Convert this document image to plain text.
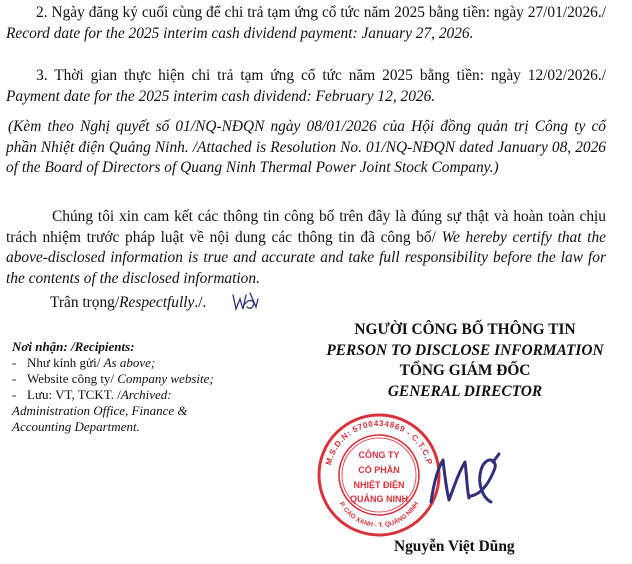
2. Ngày đăng ký cuối cùng để chi trả tạm ứng cổ tức năm 2025 bằng tiền: ngày 27/01/2026./ Record date for the 2025 interim cash dividend payment: January 27, 2026.
3. Thời gian thực hiện chi trả tạm ứng cổ tức năm 2025 bằng tiền: ngày 12/02/2026./ Payment date for the 2025 interim cash dividend: February 12, 2026.
(Kèm theo Nghị quyết số 01/NQ-NĐQN ngày 08/01/2026 của Hội đồng quản trị Công ty cổ phần Nhiệt điện Quảng Ninh. /Attached is Resolution No. 01/NQ-NĐQN dated January 08, 2026 of the Board of Directors of Quang Ninh Thermal Power Joint Stock Company.)
Chúng tôi xin cam kết các thông tin công bố trên đây là đúng sự thật và hoàn toàn chịu trách nhiệm trước pháp luật về nội dung các thông tin đã công bố/ We hereby certify that the above-disclosed information is true and accurate and take full responsibility before the law for the contents of the disclosed information.
Trân trọng/Respectfully./.
Nơi nhận: /Recipients:
- Như kính gửi/ As above;
- Website công ty/ Company website;
- Lưu: VT, TCKT. /Archived: Administration Office, Finance & Accounting Department.
NGƯỜI CÔNG BỐ THÔNG TIN
PERSON TO DISCLOSE INFORMATION
TỔNG GIÁM ĐỐC
GENERAL DIRECTOR
M.S.D.N: 5700434869 - C.T.C.P
P. CAO XANH - T. QUẢNG NINH
CÔNG TY
CỔ PHẦN
NHIỆT ĐIỆN
QUẢNG NINH
Nguyễn Việt Dũng
